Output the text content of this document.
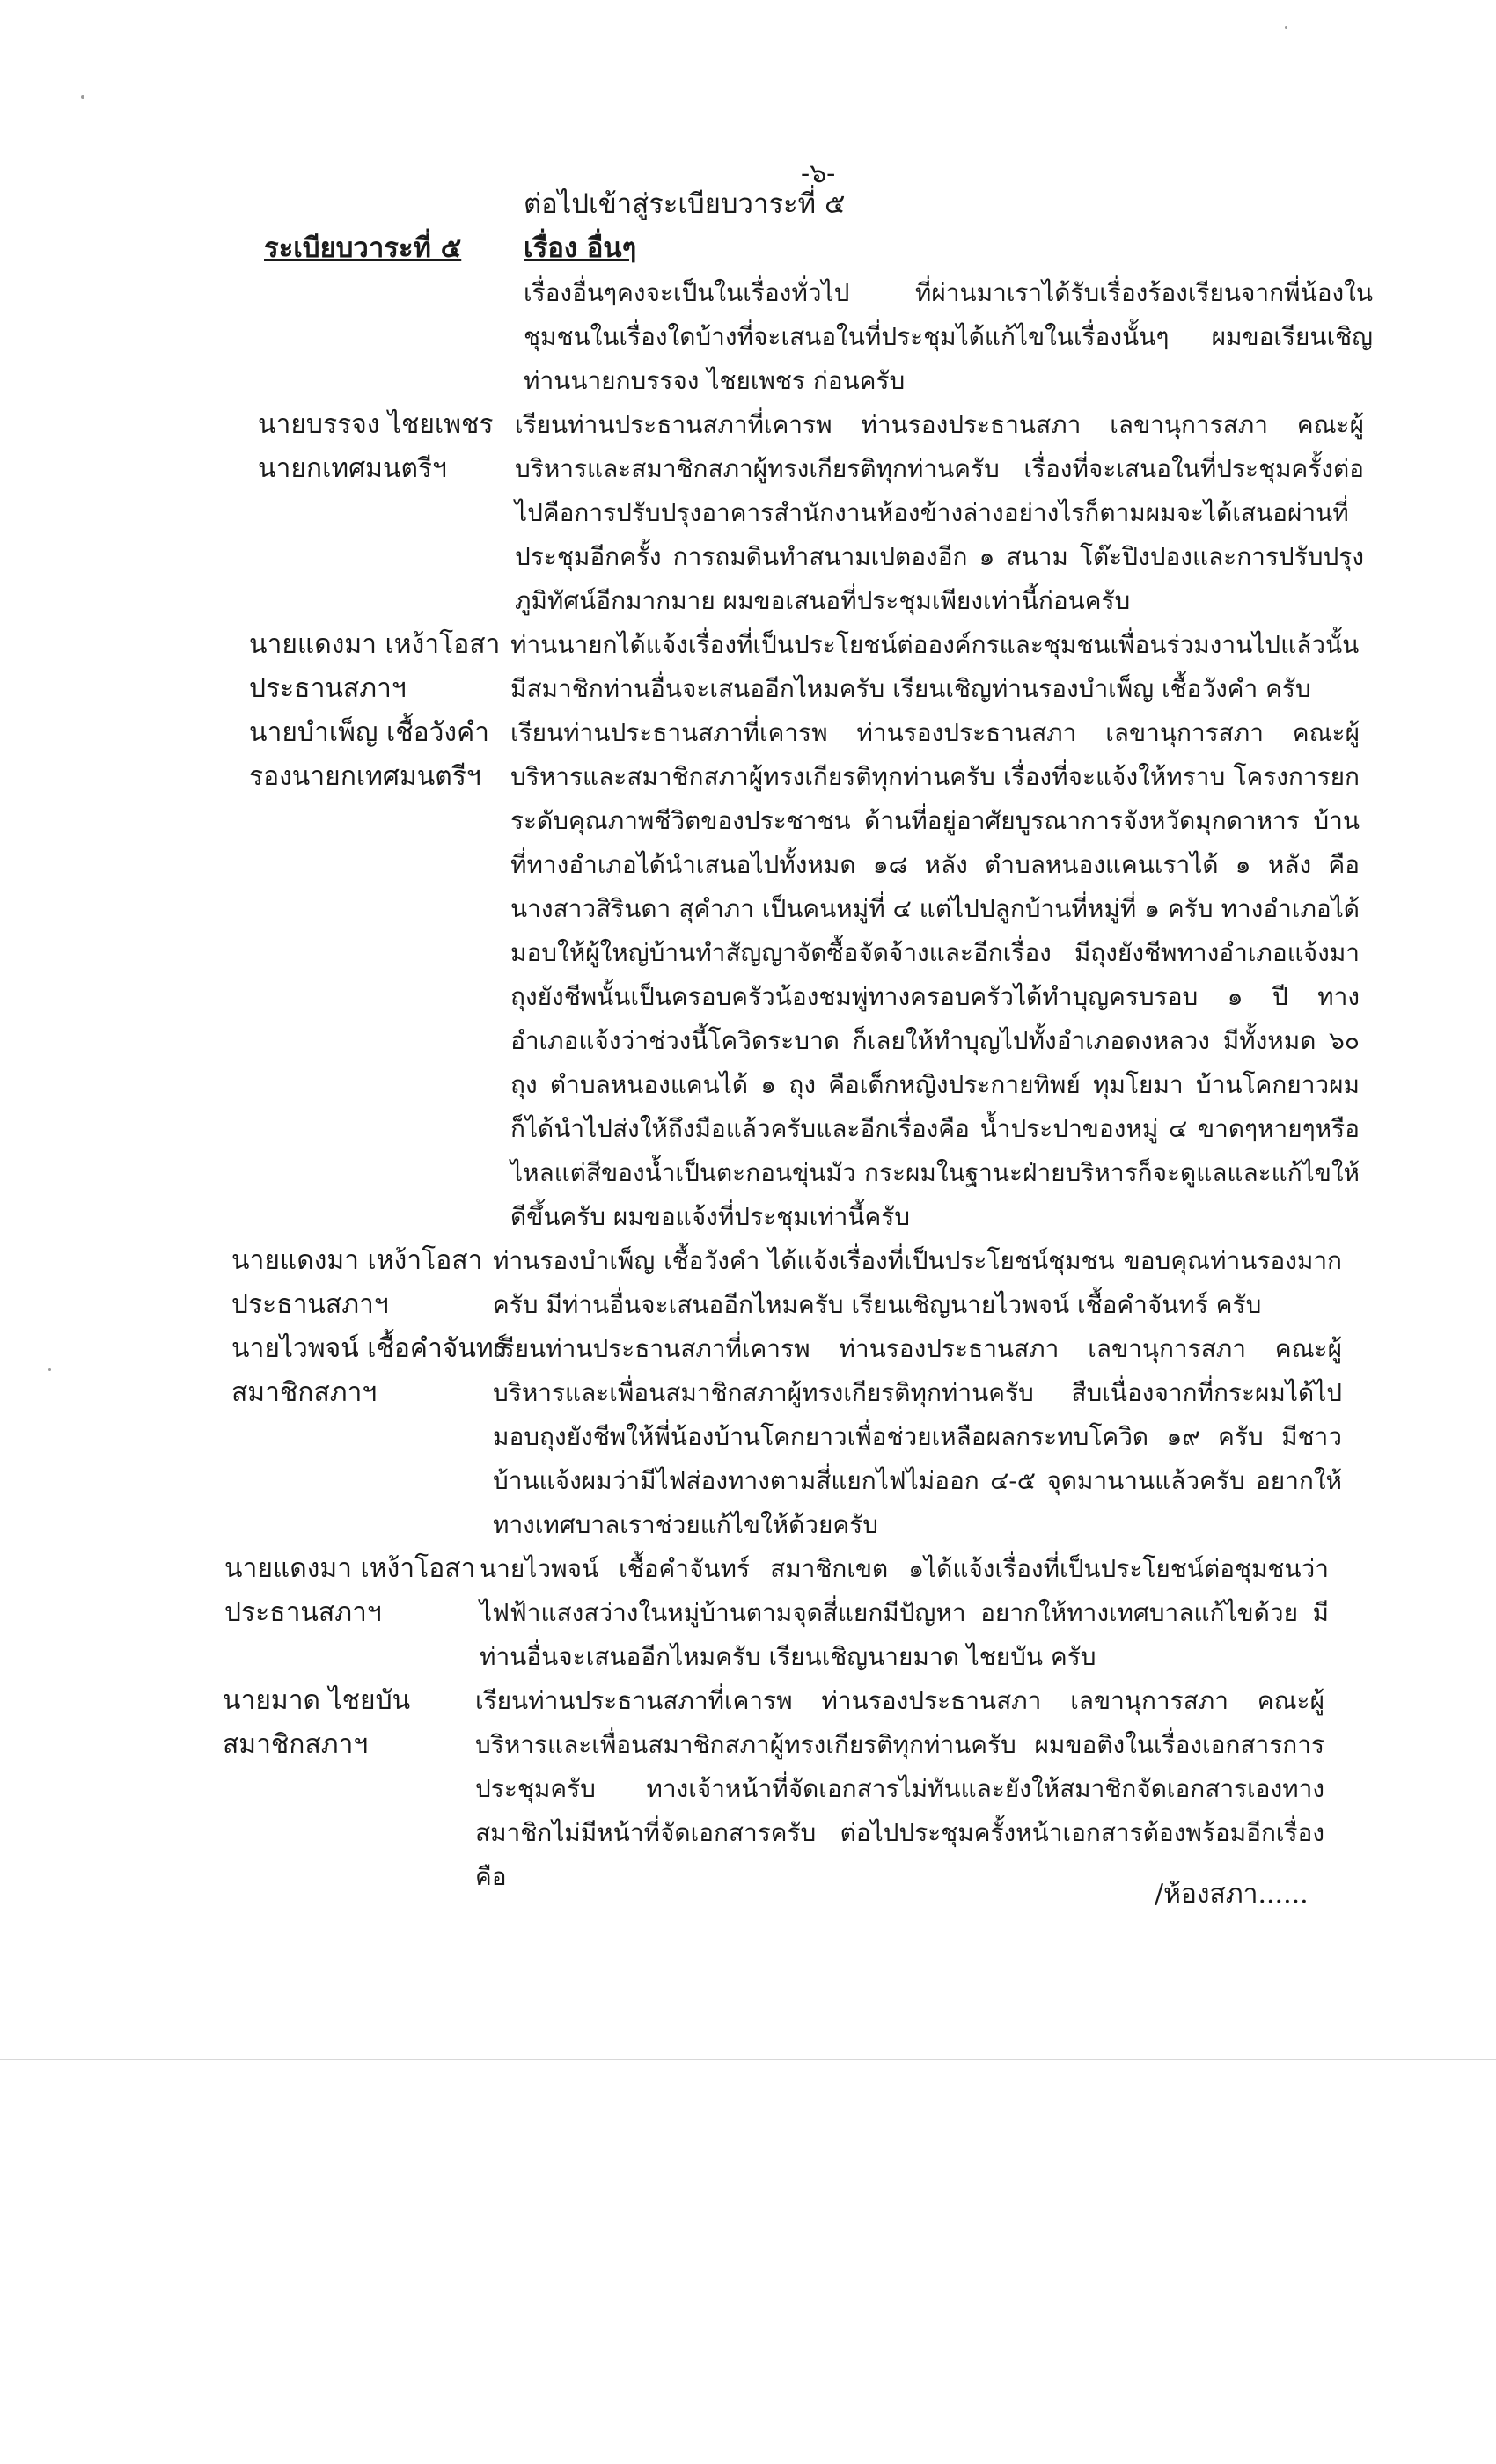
-๖-
ต่อไปเข้าสู่ระเบียบวาระที่ ๕
ระเบียบวาระที่ ๕ เรื่อง อื่นๆ

เรื่องอื่นๆคงจะเป็นในเรื่องทั่วไป ที่ผ่านมาเราได้รับเรื่องร้องเรียนจากพี่น้องในชุมชนในเรื่องใดบ้างที่จะเสนอในที่ประชุมได้แก้ไขในเรื่องนั้นๆ ผมขอเรียนเชิญท่านนายกบรรจง ไชยเพชร ก่อนครับ

นายบรรจง ไชยเพชร
นายกเทศมนตรีฯ

เรียนท่านประธานสภาที่เคารพ ท่านรองประธานสภา เลขานุการสภา คณะผู้บริหารและสมาชิกสภาผู้ทรงเกียรติทุกท่านครับ เรื่องที่จะเสนอในที่ประชุมครั้งต่อไปคือการปรับปรุงอาคารสำนักงานห้องข้างล่างอย่างไรก็ตามผมจะได้เสนอผ่านที่ประชุมอีกครั้ง การถมดินทำสนามเปตองอีก ๑ สนาม โต๊ะปิงปองและการปรับปรุงภูมิทัศน์อีกมากมาย ผมขอเสนอที่ประชุมเพียงเท่านี้ก่อนครับ

นายแดงมา เหง้าโอสา
ประธานสภาฯ

ท่านนายกได้แจ้งเรื่องที่เป็นประโยชน์ต่อองค์กรและชุมชนเพื่อนร่วมงานไปแล้วนั้นมีสมาชิกท่านอื่นจะเสนออีกไหมครับ เรียนเชิญท่านรองบำเพ็ญ เชื้อวังคำ ครับ

นายบำเพ็ญ เชื้อวังคำ
รองนายกเทศมนตรีฯ

เรียนท่านประธานสภาที่เคารพ ท่านรองประธานสภา เลขานุการสภา คณะผู้บริหารและสมาชิกสภาผู้ทรงเกียรติทุกท่านครับ เรื่องที่จะแจ้งให้ทราบ โครงการยกระดับคุณภาพชีวิตของประชาชน ด้านที่อยู่อาศัยบูรณาการจังหวัดมุกดาหาร บ้านที่ทางอำเภอได้นำเสนอไปทั้งหมด ๑๘ หลัง ตำบลหนองแคนเราได้ ๑ หลัง คือ นางสาวสิรินดา สุคำภา เป็นคนหมู่ที่ ๔ แต่ไปปลูกบ้านที่หมู่ที่ ๑ ครับ ทางอำเภอได้มอบให้ผู้ใหญ่บ้านทำสัญญาจัดซื้อจัดจ้างและอีกเรื่อง มีถุงยังชีพทางอำเภอแจ้งมาถุงยังชีพนั้นเป็นครอบครัวน้องชมพู่ทางครอบครัวได้ทำบุญครบรอบ ๑ ปี ทางอำเภอแจ้งว่าช่วงนี้โควิดระบาด ก็เลยให้ทำบุญไปทั้งอำเภอดงหลวง มีทั้งหมด ๖๐ ถุง ตำบลหนองแคนได้ ๑ ถุง คือเด็กหญิงประกายทิพย์ ทุมโยมา บ้านโคกยาวผมก็ได้นำไปส่งให้ถึงมือแล้วครับและอีกเรื่องคือ น้ำประปาของหมู่ ๔ ขาดๆหายๆหรือไหลแต่สีของน้ำเป็นตะกอนขุ่นมัว กระผมในฐานะฝ่ายบริหารก็จะดูแลและแก้ไขให้ดีขึ้นครับ ผมขอแจ้งที่ประชุมเท่านี้ครับ

นายแดงมา เหง้าโอสา
ประธานสภาฯ

ท่านรองบำเพ็ญ เชื้อวังคำ ได้แจ้งเรื่องที่เป็นประโยชน์ชุมชน ขอบคุณท่านรองมากครับ มีท่านอื่นจะเสนออีกไหมครับ เรียนเชิญนายไวพจน์ เชื้อคำจันทร์ ครับ

นายไวพจน์ เชื้อคำจันทร์
สมาชิกสภาฯ

เรียนท่านประธานสภาที่เคารพ ท่านรองประธานสภา เลขานุการสภา คณะผู้บริหารและเพื่อนสมาชิกสภาผู้ทรงเกียรติทุกท่านครับ สืบเนื่องจากที่กระผมได้ไปมอบถุงยังชีพให้พี่น้องบ้านโคกยาวเพื่อช่วยเหลือผลกระทบโควิด ๑๙ ครับ มีชาวบ้านแจ้งผมว่ามีไฟส่องทางตามสี่แยกไฟไม่ออก ๔-๕ จุดมานานแล้วครับ อยากให้ทางเทศบาลเราช่วยแก้ไขให้ด้วยครับ

นายแดงมา เหง้าโอสา
ประธานสภาฯ

นายไวพจน์ เชื้อคำจันทร์ สมาชิกเขต ๑ได้แจ้งเรื่องที่เป็นประโยชน์ต่อชุมชนว่าไฟฟ้าแสงสว่างในหมู่บ้านตามจุดสี่แยกมีปัญหา อยากให้ทางเทศบาลแก้ไขด้วย มีท่านอื่นจะเสนออีกไหมครับ เรียนเชิญนายมาด ไชยบัน ครับ

นายมาด ไชยบัน
สมาชิกสภาฯ

เรียนท่านประธานสภาที่เคารพ ท่านรองประธานสภา เลขานุการสภา คณะผู้บริหารและเพื่อนสมาชิกสภาผู้ทรงเกียรติทุกท่านครับ ผมขอติงในเรื่องเอกสารการประชุมครับ ทางเจ้าหน้าที่จัดเอกสารไม่ทันและยังให้สมาชิกจัดเอกสารเองทางสมาชิกไม่มีหน้าที่จัดเอกสารครับ ต่อไปประชุมครั้งหน้าเอกสารต้องพร้อมอีกเรื่องคือ

/ห้องสภา......
